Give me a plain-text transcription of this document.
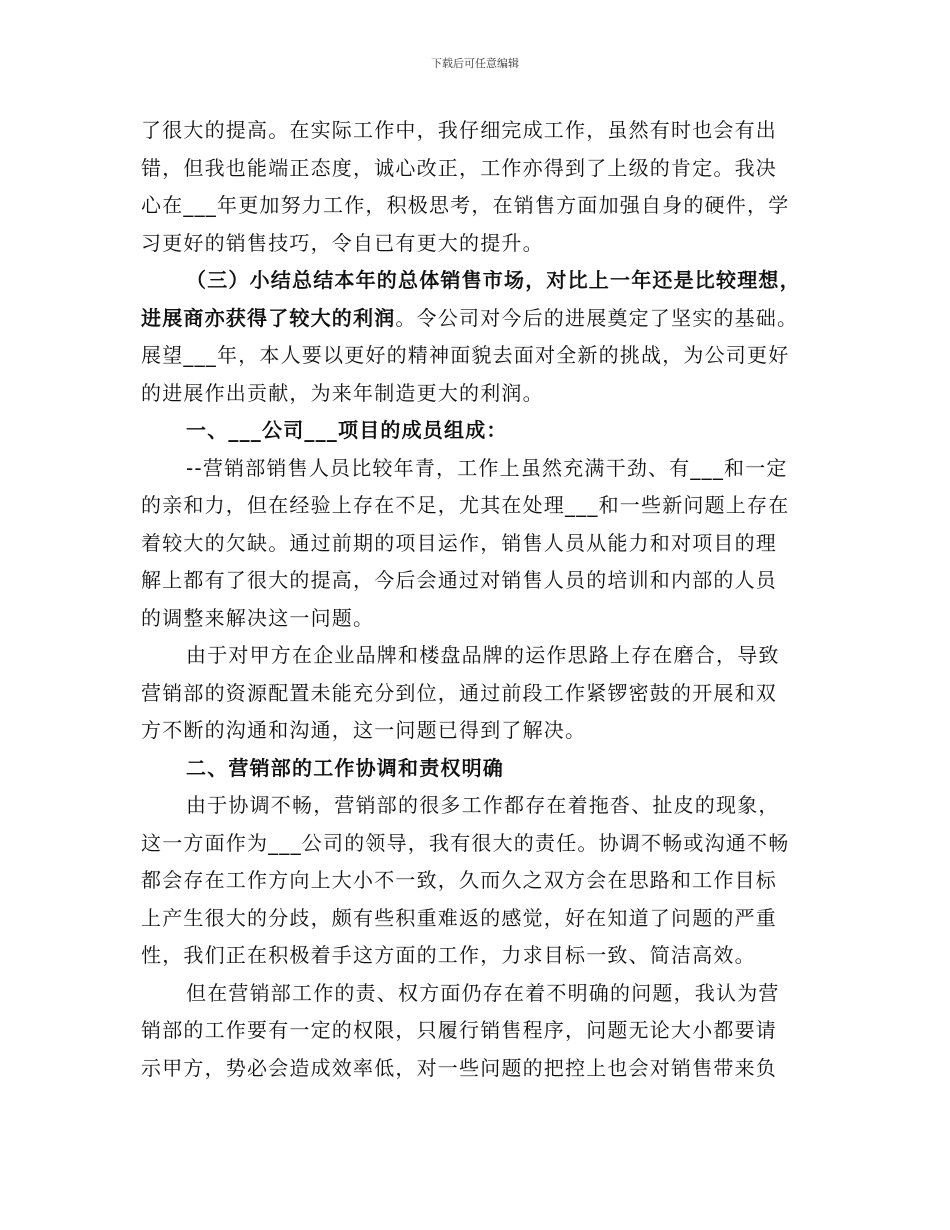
下载后可任意编辑
了很大的提高。在实际工作中，我仔细完成工作，虽然有时也会有出
错，但我也能端正态度，诚心改正，工作亦得到了上级的肯定。我决
心在___年更加努力工作，积极思考，在销售方面加强自身的硬件，学
习更好的销售技巧，令自已有更大的提升。
（三）小结总结本年的总体销售市场，对比上一年还是比较理想，
进展商亦获得了较大的利润。令公司对今后的进展奠定了坚实的基础。
展望___年，本人要以更好的精神面貌去面对全新的挑战，为公司更好
的进展作出贡献，为来年制造更大的利润。
一、___公司___项目的成员组成：
--营销部销售人员比较年青，工作上虽然充满干劲、有___和一定
的亲和力，但在经验上存在不足，尤其在处理___和一些新问题上存在
着较大的欠缺。通过前期的项目运作，销售人员从能力和对项目的理
解上都有了很大的提高，今后会通过对销售人员的培训和内部的人员
的调整来解决这一问题。
由于对甲方在企业品牌和楼盘品牌的运作思路上存在磨合，导致
营销部的资源配置未能充分到位，通过前段工作紧锣密鼓的开展和双
方不断的沟通和沟通，这一问题已得到了解决。
二、营销部的工作协调和责权明确
由于协调不畅，营销部的很多工作都存在着拖沓、扯皮的现象，
这一方面作为___公司的领导，我有很大的责任。协调不畅或沟通不畅
都会存在工作方向上大小不一致，久而久之双方会在思路和工作目标
上产生很大的分歧，颇有些积重难返的感觉，好在知道了问题的严重
性，我们正在积极着手这方面的工作，力求目标一致、简洁高效。
但在营销部工作的责、权方面仍存在着不明确的问题，我认为营
销部的工作要有一定的权限，只履行销售程序，问题无论大小都要请
示甲方，势必会造成效率低，对一些问题的把控上也会对销售带来负
